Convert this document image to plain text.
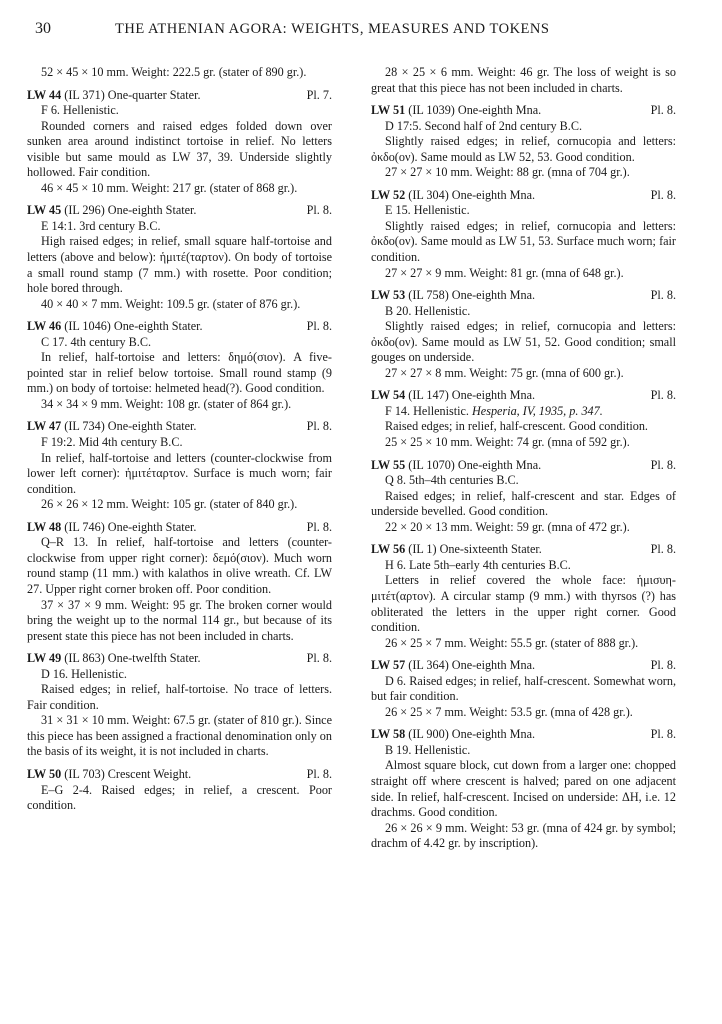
30	THE ATHENIAN AGORA: WEIGHTS, MEASURES AND TOKENS

52 × 45 × 10 mm. Weight: 222.5 gr. (stater of 890 gr.).

LW 44 (IL 371) One-quarter Stater.	Pl. 7.
F 6. Hellenistic.

Rounded corners and raised edges folded down over sunken area around indistinct tortoise in relief. No letters visible but same mould as LW 37, 39. Underside slightly hollowed. Fair condition.

46 × 45 × 10 mm. Weight: 217 gr. (stater of 868 gr.).

LW 45 (IL 296) One-eighth Stater.	Pl. 8.
E 14:1. 3rd century B.C.

High raised edges; in relief, small square half-tortoise and letters (above and below): ἡμιτέ(ταρτον). On body of tortoise a small round stamp (7 mm.) with rosette. Poor condition; hole bored through.

40 × 40 × 7 mm. Weight: 109.5 gr. (stater of 876 gr.).

LW 46 (IL 1046) One-eighth Stater.	Pl. 8.
C 17. 4th century B.C.

In relief, half-tortoise and letters: δημό(σιον). A five-pointed star in relief below tortoise. Small round stamp (9 mm.) on body of tortoise: helmeted head(?). Good condition.

34 × 34 × 9 mm. Weight: 108 gr. (stater of 864 gr.).

LW 47 (IL 734) One-eighth Stater.	Pl. 8.
F 19:2. Mid 4th century B.C.

In relief, half-tortoise and letters (counter-clockwise from lower left corner): ἡμιτέταρτον. Surface is much worn; fair condition.

26 × 26 × 12 mm. Weight: 105 gr. (stater of 840 gr.).

LW 48 (IL 746) One-eighth Stater.	Pl. 8.

Q–R 13. In relief, half-tortoise and letters (counter-clockwise from upper right corner): δεμό(σιον). Much worn round stamp (11 mm.) with kalathos in olive wreath. Cf. LW 27. Upper right corner broken off. Poor condition.

37 × 37 × 9 mm. Weight: 95 gr. The broken corner would bring the weight up to the normal 114 gr., but because of its present state this piece has not been included in charts.

LW 49 (IL 863) One-twelfth Stater.	Pl. 8.
D 16. Hellenistic.

Raised edges; in relief, half-tortoise. No trace of letters. Fair condition.

31 × 31 × 10 mm. Weight: 67.5 gr. (stater of 810 gr.). Since this piece has been assigned a fractional denomination only on the basis of its weight, it is not included in charts.

LW 50 (IL 703) Crescent Weight.	Pl. 8.

E–G 2-4. Raised edges; in relief, a crescent. Poor condition.

28 × 25 × 6 mm. Weight: 46 gr. The loss of weight is so great that this piece has not been included in charts.

LW 51 (IL 1039) One-eighth Mna.	Pl. 8.
D 17:5. Second half of 2nd century B.C.

Slightly raised edges; in relief, cornucopia and letters: ὀκδο(ον). Same mould as LW 52, 53. Good condition.

27 × 27 × 10 mm. Weight: 88 gr. (mna of 704 gr.).

LW 52 (IL 304) One-eighth Mna.	Pl. 8.
E 15. Hellenistic.

Slightly raised edges; in relief, cornucopia and letters: ὀκδο(ον). Same mould as LW 51, 53. Surface much worn; fair condition.

27 × 27 × 9 mm. Weight: 81 gr. (mna of 648 gr.).

LW 53 (IL 758) One-eighth Mna.	Pl. 8.
B 20. Hellenistic.

Slightly raised edges; in relief, cornucopia and letters: ὀκδο(ον). Same mould as LW 51, 52. Good condition; small gouges on underside.

27 × 27 × 8 mm. Weight: 75 gr. (mna of 600 gr.).

LW 54 (IL 147) One-eighth Mna.	Pl. 8.
F 14. Hellenistic. Hesperia, IV, 1935, p. 347.

Raised edges; in relief, half-crescent. Good condition.

25 × 25 × 10 mm. Weight: 74 gr. (mna of 592 gr.).

LW 55 (IL 1070) One-eighth Mna.	Pl. 8.
Q 8. 5th–4th centuries B.C.

Raised edges; in relief, half-crescent and star. Edges of underside bevelled. Good condition.

22 × 20 × 13 mm. Weight: 59 gr. (mna of 472 gr.).

LW 56 (IL 1) One-sixteenth Stater.	Pl. 8.
H 6. Late 5th–early 4th centuries B.C.

Letters in relief covered the whole face: ἡμισυη-μιτέτ(αρτον). A circular stamp (9 mm.) with thyrsos (?) has obliterated the letters in the upper right corner. Good condition.

26 × 25 × 7 mm. Weight: 55.5 gr. (stater of 888 gr.).

LW 57 (IL 364) One-eighth Mna.	Pl. 8.

D 6. Raised edges; in relief, half-crescent. Somewhat worn, but fair condition.

26 × 25 × 7 mm. Weight: 53.5 gr. (mna of 428 gr.).

LW 58 (IL 900) One-eighth Mna.	Pl. 8.
B 19. Hellenistic.

Almost square block, cut down from a larger one: chopped straight off where crescent is halved; pared on one adjacent side. In relief, half-crescent. Incised on underside: ΔΗ, i.e. 12 drachms. Good condition.

26 × 26 × 9 mm. Weight: 53 gr. (mna of 424 gr. by symbol; drachm of 4.42 gr. by inscription).
